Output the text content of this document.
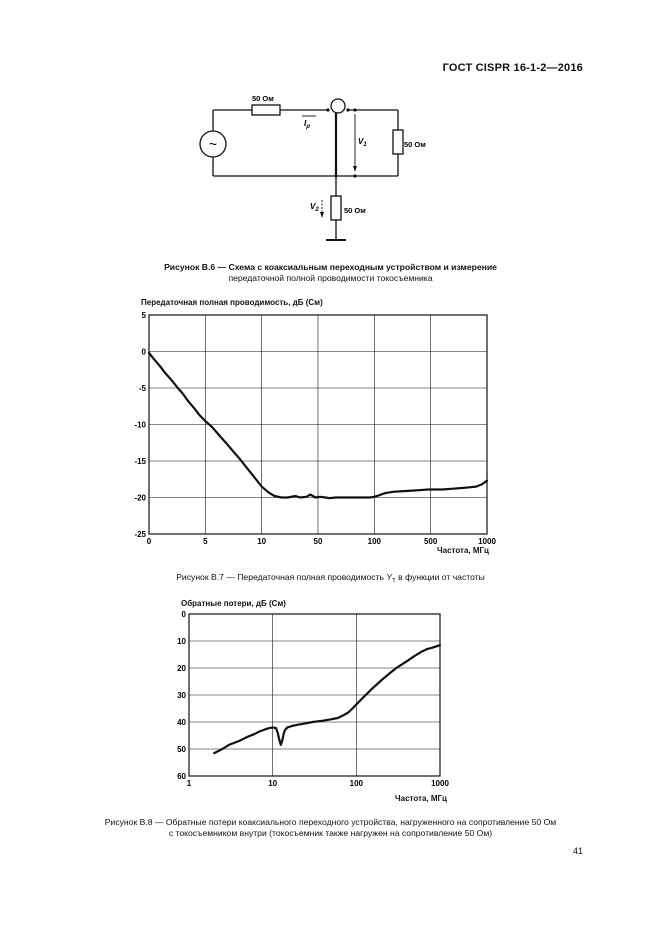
ГОСТ CISPR 16-1-2—2016
~
50 Ом
$I_p$
$V_1$	50 Ом
50 Ом
$V_2$
Рисунок В.6 — Схема с коаксиальным переходным устройством и измерение
передаточной полной проводимости токосъемника
Передаточная полная проводимость, дБ (См)
0	5	10	50	100	500	1000
5
0
-5
-10
-15
-20
-25
Частота, МГц
Рисунок В.7 — Передаточная полная проводимость $Y_T$ в функции от частоты
Обратные потери, дБ (См)
1	10	100	1000
0
10
20
30
40
50
60
Частота, МГц
Рисунок В.8 — Обратные потери коаксиального переходного устройства, нагруженного на сопротивление 50 Ом
с токосъемником внутри (токосъемник также нагружен на сопротивление 50 Ом)
41
